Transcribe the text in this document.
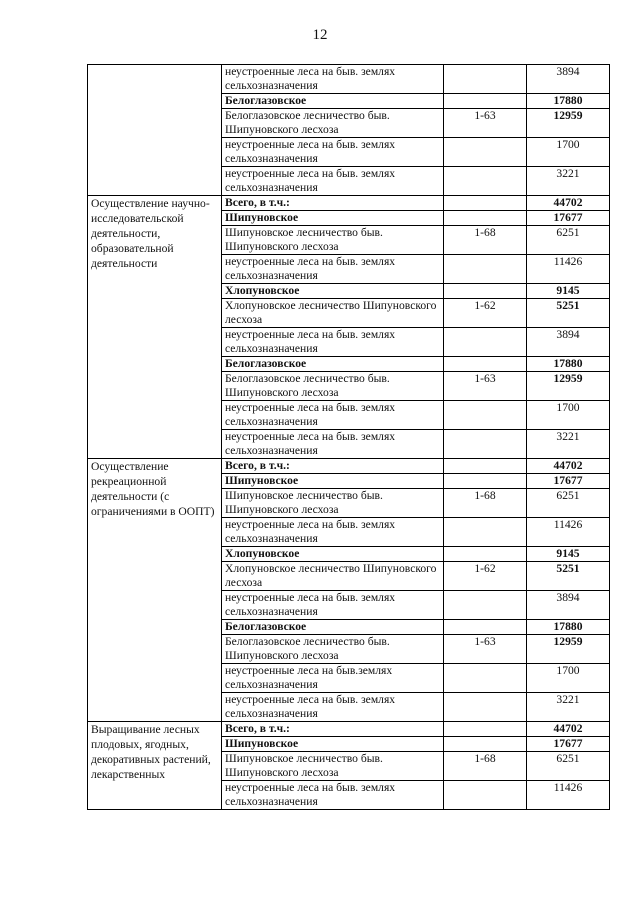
12
	неустроенные леса на быв. землях сельхозназначения		3894
	Белоглазовское		17880
	Белоглазовское лесничество быв. Шипуновского лесхоза	1-63	12959
	неустроенные леса на быв. землях сельхозназначения		1700
	неустроенные леса на быв. землях сельхозназначения		3221
Осуществление научно-исследовательской деятельности, образовательной деятельности	Всего, в т.ч.:		44702
	Шипуновское		17677
	Шипуновское лесничество быв. Шипуновского лесхоза	1-68	6251
	неустроенные леса на быв. землях сельхозназначения		11426
	Хлопуновское		9145
	Хлопуновское лесничество Шипуновского лесхоза	1-62	5251
	неустроенные леса на быв. землях сельхозназначения		3894
	Белоглазовское		17880
	Белоглазовское лесничество быв. Шипуновского лесхоза	1-63	12959
	неустроенные леса на быв. землях сельхозназначения		1700
	неустроенные леса на быв. землях сельхозназначения		3221
Осуществление рекреационной деятельности (с ограничениями в ООПТ)	Всего, в т.ч.:		44702
	Шипуновское		17677
	Шипуновское лесничество быв. Шипуновского лесхоза	1-68	6251
	неустроенные леса на быв. землях сельхозназначения		11426
	Хлопуновское		9145
	Хлопуновское лесничество Шипуновского лесхоза	1-62	5251
	неустроенные леса на быв. землях сельхозназначения		3894
	Белоглазовское		17880
	Белоглазовское лесничество быв. Шипуновского лесхоза	1-63	12959
	неустроенные леса на быв.землях сельхозназначения		1700
	неустроенные леса на быв. землях сельхозназначения		3221
Выращивание лесных плодовых, ягодных, декоративных растений, лекарственных	Всего, в т.ч.:		44702
	Шипуновское		17677
	Шипуновское лесничество быв. Шипуновского лесхоза	1-68	6251
	неустроенные леса на быв. землях сельхозназначения		11426
